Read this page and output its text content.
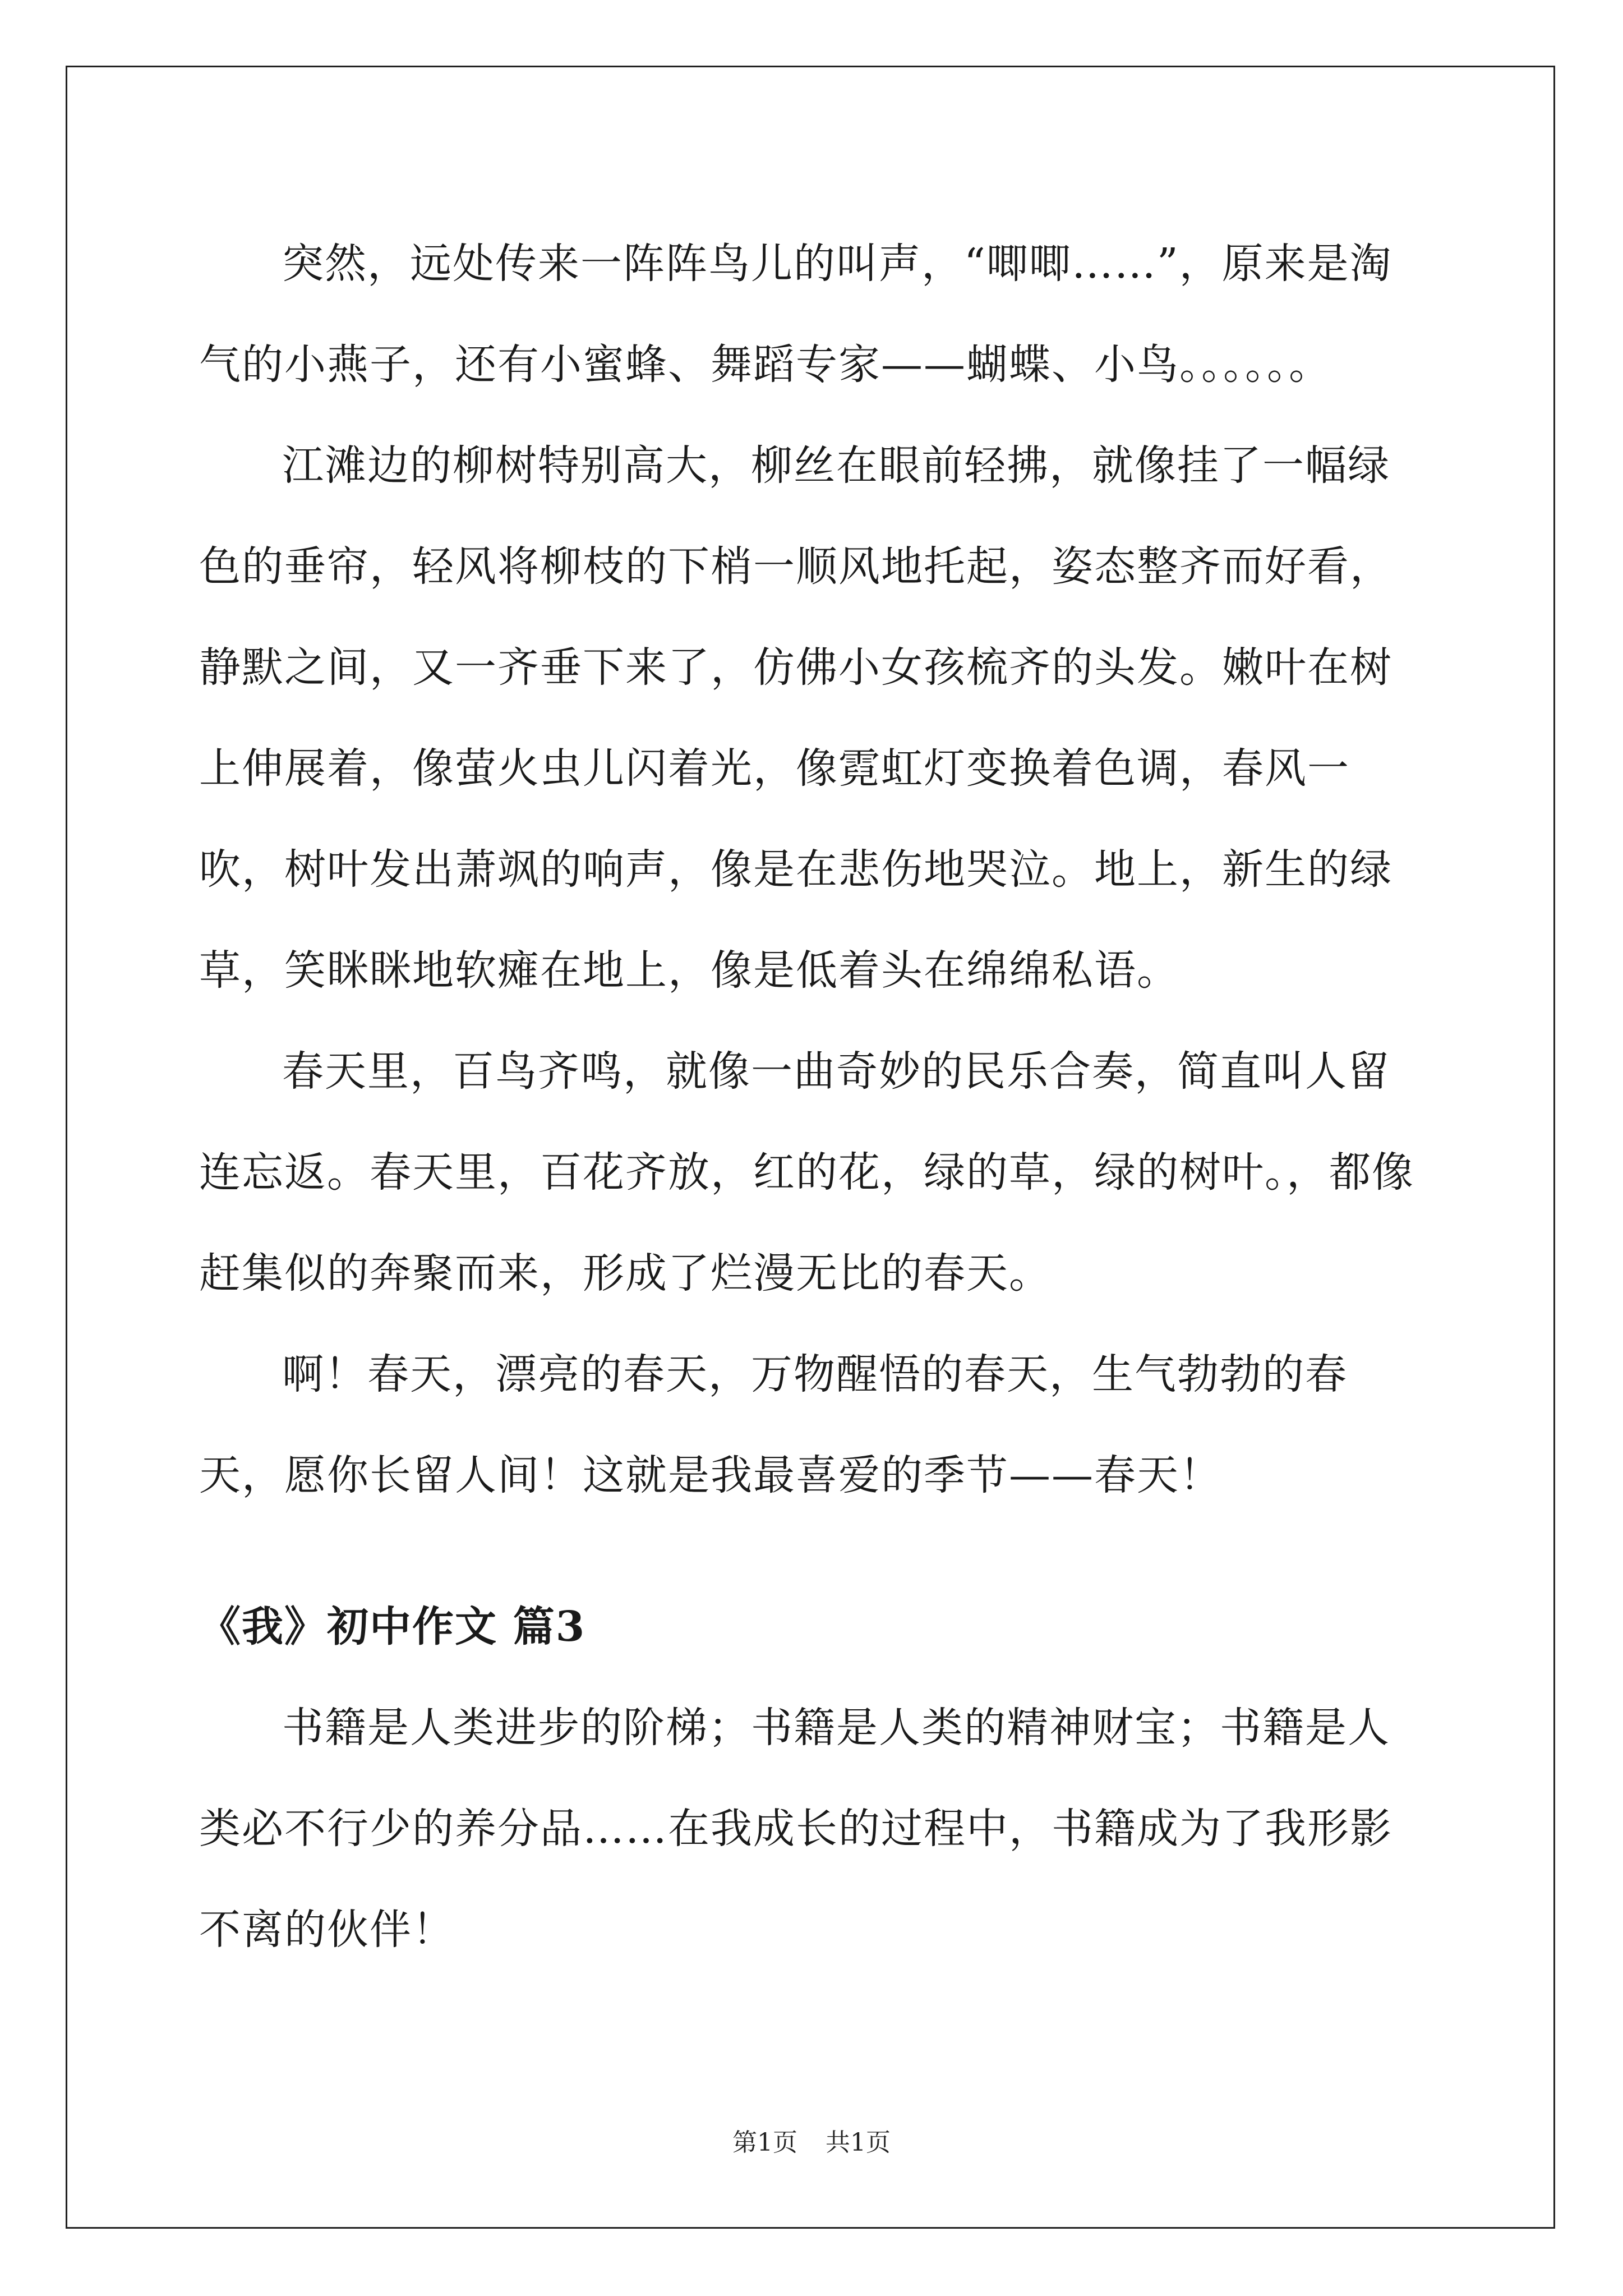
突然，远处传来一阵阵鸟儿的叫声，“唧唧……”，原来是淘气的小燕子，还有小蜜蜂、舞蹈专家——蝴蝶、小鸟。。。。。。

江滩边的柳树特别高大，柳丝在眼前轻拂，就像挂了一幅绿色的垂帘，轻风将柳枝的下梢一顺风地托起，姿态整齐而好看，静默之间，又一齐垂下来了，仿佛小女孩梳齐的头发。嫩叶在树上伸展着，像萤火虫儿闪着光，像霓虹灯变换着色调，春风一吹，树叶发出萧飒的响声，像是在悲伤地哭泣。地上，新生的绿草，笑眯眯地软瘫在地上，像是低着头在绵绵私语。

春天里，百鸟齐鸣，就像一曲奇妙的民乐合奏，简直叫人留连忘返。春天里，百花齐放，红的花，绿的草，绿的树叶。，都像赶集似的奔聚而来，形成了烂漫无比的春天。

啊！春天，漂亮的春天，万物醒悟的春天，生气勃勃的春天，愿你长留人间！这就是我最喜爱的季节——春天！

《我》初中作文 篇3

书籍是人类进步的阶梯；书籍是人类的精神财宝；书籍是人类必不行少的养分品……在我成长的过程中，书籍成为了我形影不离的伙伴！

第1页 共1页
